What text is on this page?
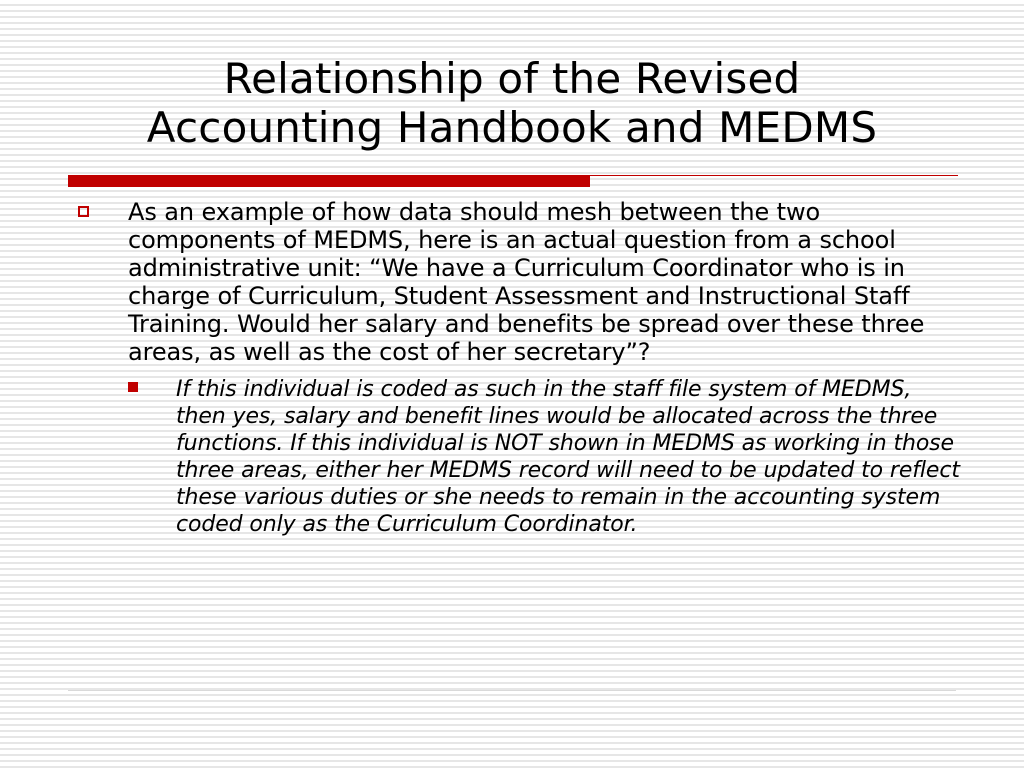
Relationship of the Revised
Accounting Handbook and MEDMS
As an example of how data should mesh between the two components of MEDMS, here is an actual question from a school administrative unit: “We have a Curriculum Coordinator who is in charge of Curriculum, Student Assessment and Instructional Staff Training. Would her salary and benefits be spread over these three areas, as well as the cost of her secretary”?
If this individual is coded as such in the staff file system of MEDMS, then yes, salary and benefit lines would be allocated across the three functions. If this individual is NOT shown in MEDMS as working in those three areas, either her MEDMS record will need to be updated to reflect these various duties or she needs to remain in the accounting system coded only as the Curriculum Coordinator.
